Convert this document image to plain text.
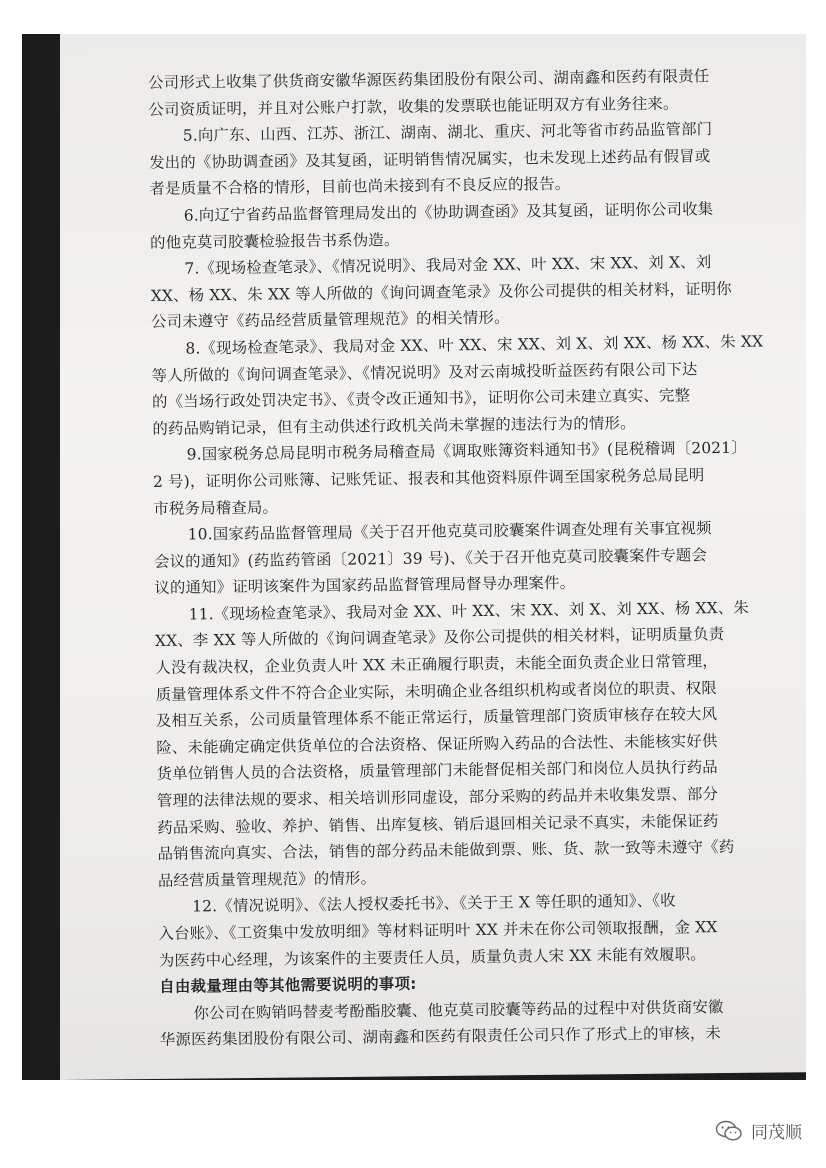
公司形式上收集了供货商安徽华源医药集团股份有限公司、湖南鑫和医药有限责任
公司资质证明，并且对公账户打款，收集的发票联也能证明双方有业务往来。
5.向广东、山西、江苏、浙江、湖南、湖北、重庆、河北等省市药品监管部门
发出的《协助调查函》及其复函，证明销售情况属实，也未发现上述药品有假冒或
者是质量不合格的情形，目前也尚未接到有不良反应的报告。
6.向辽宁省药品监督管理局发出的《协助调查函》及其复函，证明你公司收集
的他克莫司胶囊检验报告书系伪造。
7.《现场检查笔录》、《情况说明》、我局对金 XX、叶 XX、宋 XX、刘 X、刘
XX、杨 XX、朱 XX 等人所做的《询问调查笔录》及你公司提供的相关材料，证明你
公司未遵守《药品经营质量管理规范》的相关情形。
8.《现场检查笔录》、我局对金 XX、叶 XX、宋 XX、刘 X、刘 XX、杨 XX、朱 XX
等人所做的《询问调查笔录》、《情况说明》及对云南城投昕益医药有限公司下达
的《当场行政处罚决定书》、《责令改正通知书》，证明你公司未建立真实、完整
的药品购销记录，但有主动供述行政机关尚未掌握的违法行为的情形。
9.国家税务总局昆明市税务局稽查局《调取账簿资料通知书》(昆税稽调〔2021〕
2 号)，证明你公司账簿、记账凭证、报表和其他资料原件调至国家税务总局昆明
市税务局稽查局。
10.国家药品监督管理局《关于召开他克莫司胶囊案件调查处理有关事宜视频
会议的通知》(药监药管函〔2021〕39 号)、《关于召开他克莫司胶囊案件专题会
议的通知》证明该案件为国家药品监督管理局督导办理案件。
11.《现场检查笔录》、我局对金 XX、叶 XX、宋 XX、刘 X、刘 XX、杨 XX、朱
XX、李 XX 等人所做的《询问调查笔录》及你公司提供的相关材料，证明质量负责
人没有裁决权，企业负责人叶 XX 未正确履行职责，未能全面负责企业日常管理，
质量管理体系文件不符合企业实际，未明确企业各组织机构或者岗位的职责、权限
及相互关系，公司质量管理体系不能正常运行，质量管理部门资质审核存在较大风
险、未能确定确定供货单位的合法资格、保证所购入药品的合法性、未能核实好供
货单位销售人员的合法资格，质量管理部门未能督促相关部门和岗位人员执行药品
管理的法律法规的要求、相关培训形同虚设，部分采购的药品并未收集发票、部分
药品采购、验收、养护、销售、出库复核、销后退回相关记录不真实，未能保证药
品销售流向真实、合法，销售的部分药品未能做到票、账、货、款一致等未遵守《药
品经营质量管理规范》的情形。
12.《情况说明》、《法人授权委托书》、《关于王 X 等任职的通知》、《收
入台账》、《工资集中发放明细》等材料证明叶 XX 并未在你公司领取报酬，金 XX
为医药中心经理，为该案件的主要责任人员，质量负责人宋 XX 未能有效履职。
自由裁量理由等其他需要说明的事项:
你公司在购销吗替麦考酚酯胶囊、他克莫司胶囊等药品的过程中对供货商安徽
华源医药集团股份有限公司、湖南鑫和医药有限责任公司只作了形式上的审核，未
同茂顺
